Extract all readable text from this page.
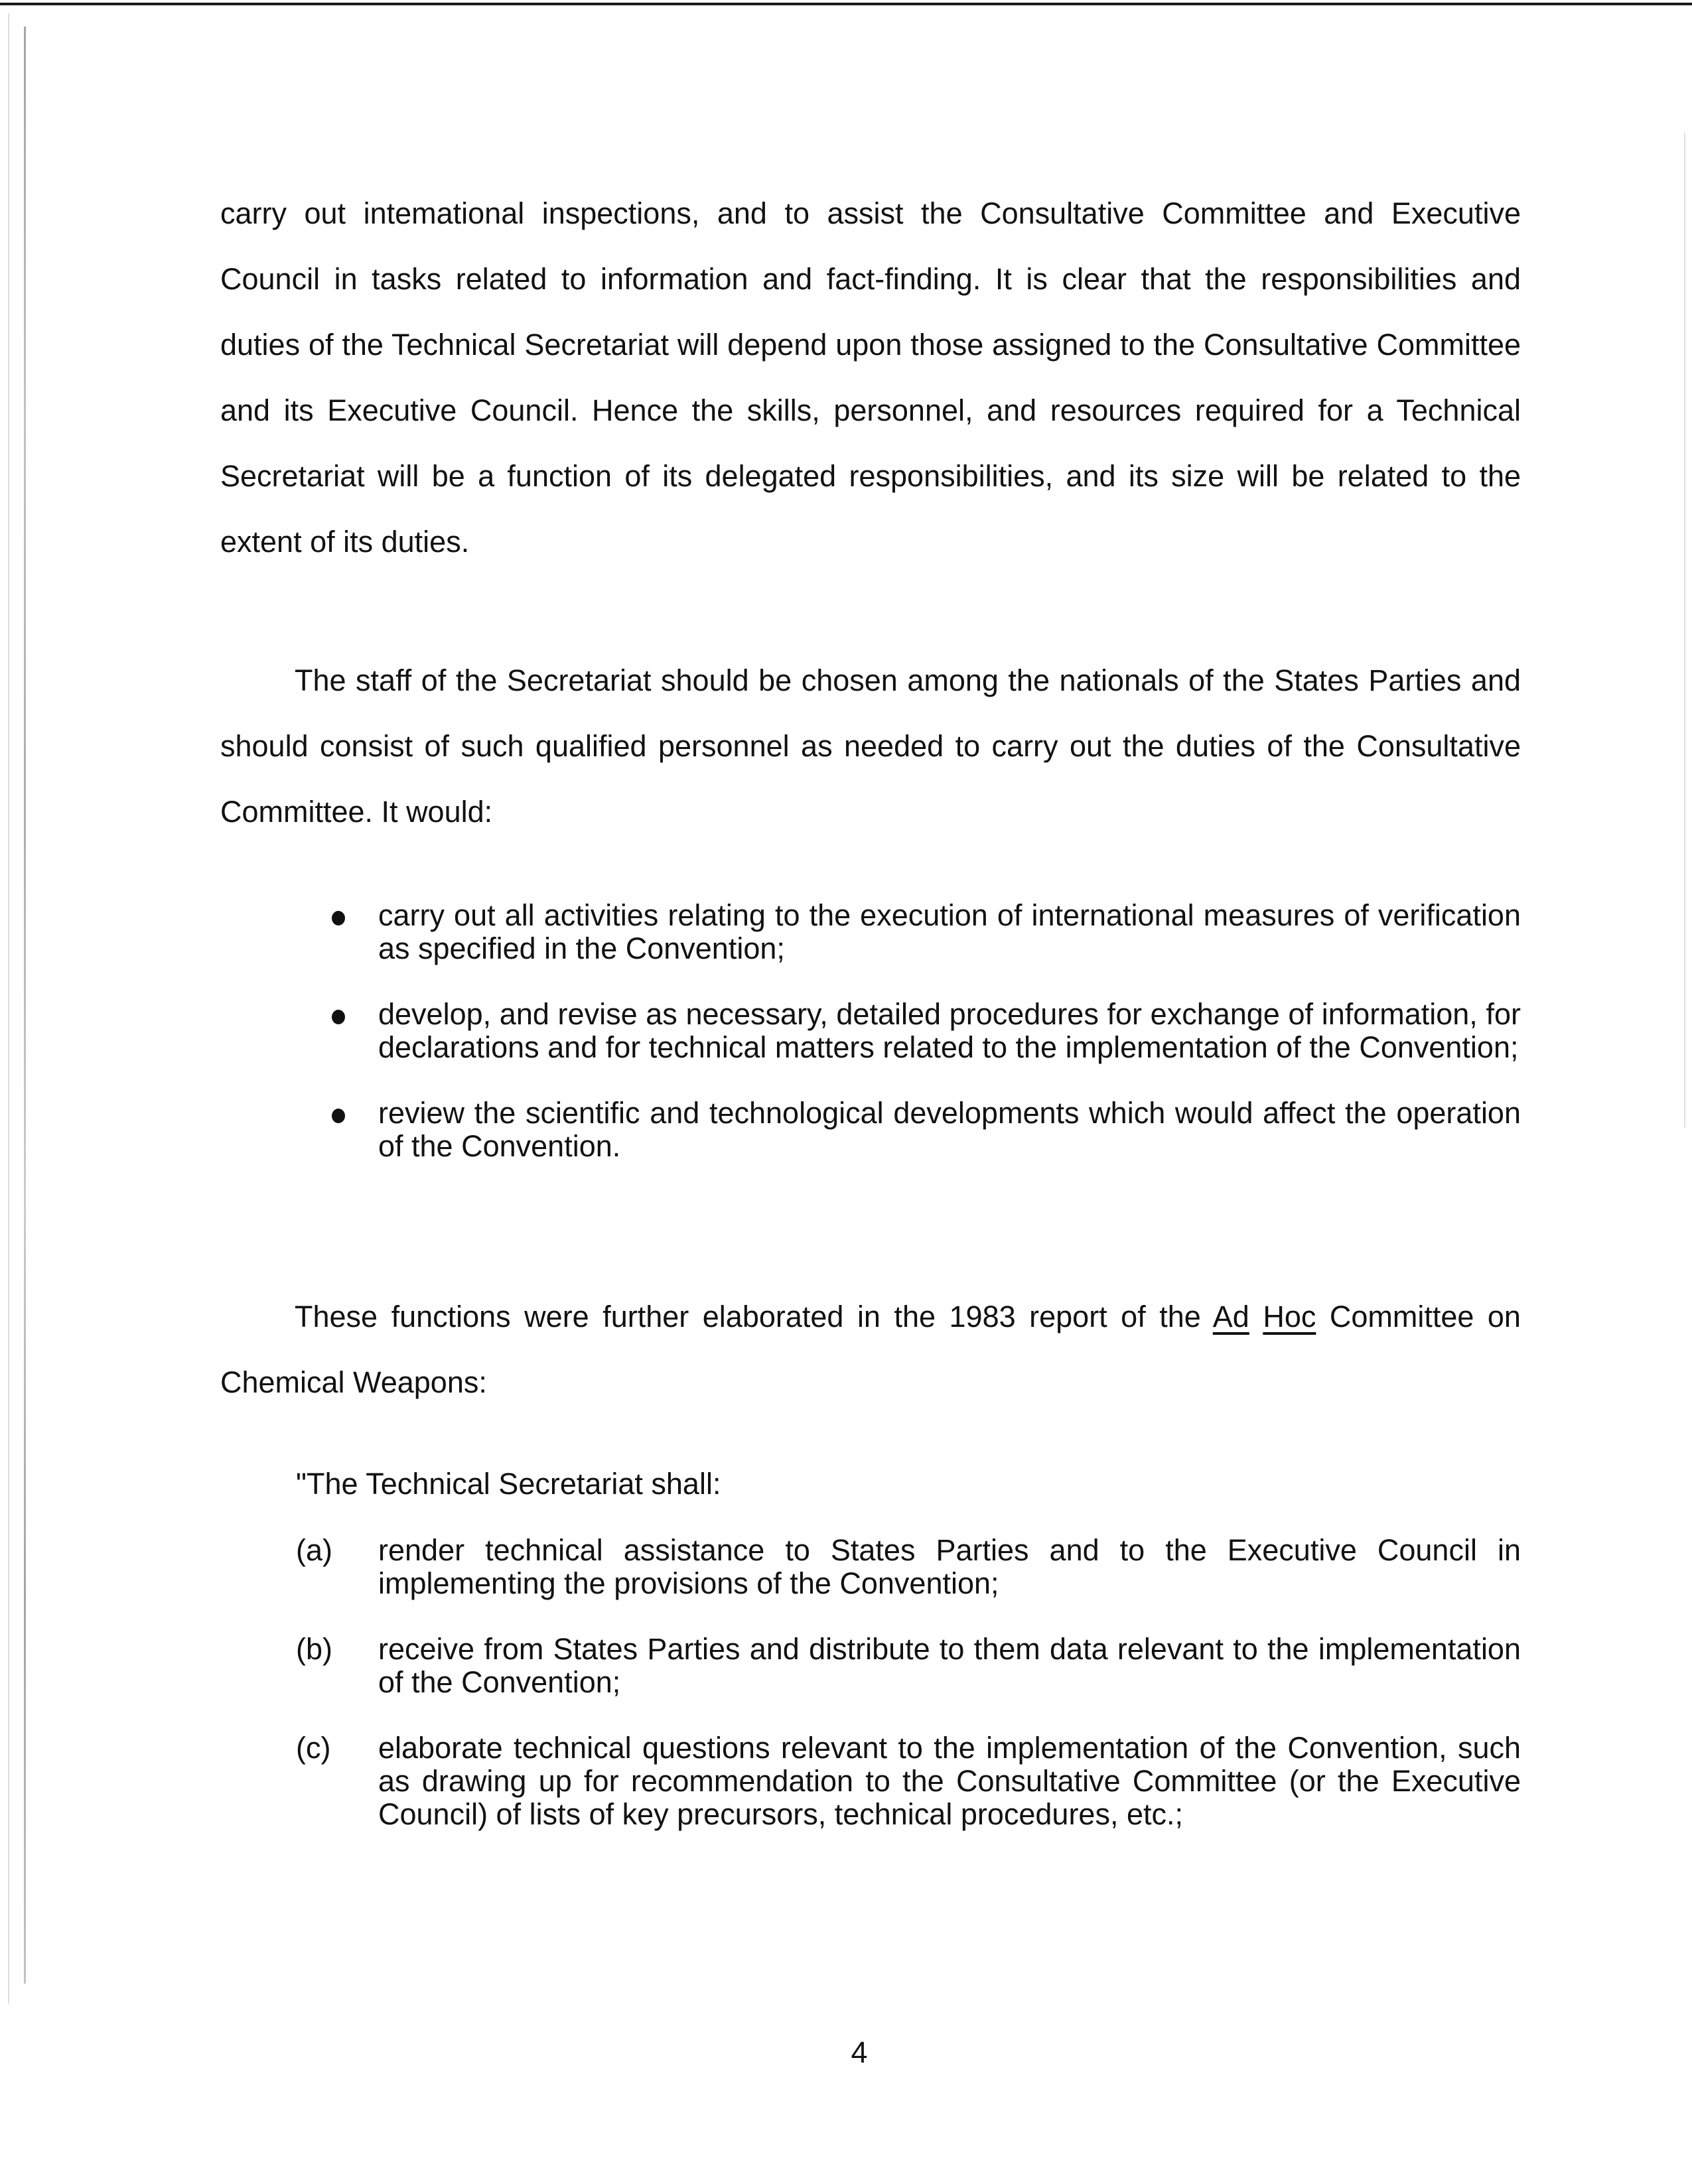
carry out intemational inspections, and to assist the Consultative Committee and Executive Council in tasks related to information and fact-finding. It is clear that the responsibilities and duties of the Technical Secretariat will depend upon those assigned to the Consultative Committee and its Executive Council. Hence the skills, personnel, and resources required for a Technical Secretariat will be a function of its delegated responsibilities, and its size will be related to the extent of its duties.

The staff of the Secretariat should be chosen among the nationals of the States Parties and should consist of such qualified personnel as needed to carry out the duties of the Consultative Committee. It would:

carry out all activities relating to the execution of international measures of verification as specified in the Convention;
develop, and revise as necessary, detailed procedures for exchange of information, for declarations and for technical matters related to the implementation of the Convention;
review the scientific and technological developments which would affect the operation of the Convention.

These functions were further elaborated in the 1983 report of the Ad Hoc Committee on Chemical Weapons:

"The Technical Secretariat shall:
(a) render technical assistance to States Parties and to the Executive Council in implementing the provisions of the Convention;
(b) receive from States Parties and distribute to them data relevant to the implementation of the Convention;
(c) elaborate technical questions relevant to the implementation of the Convention, such as drawing up for recommendation to the Consultative Committee (or the Executive Council) of lists of key precursors, technical procedures, etc.;
4
